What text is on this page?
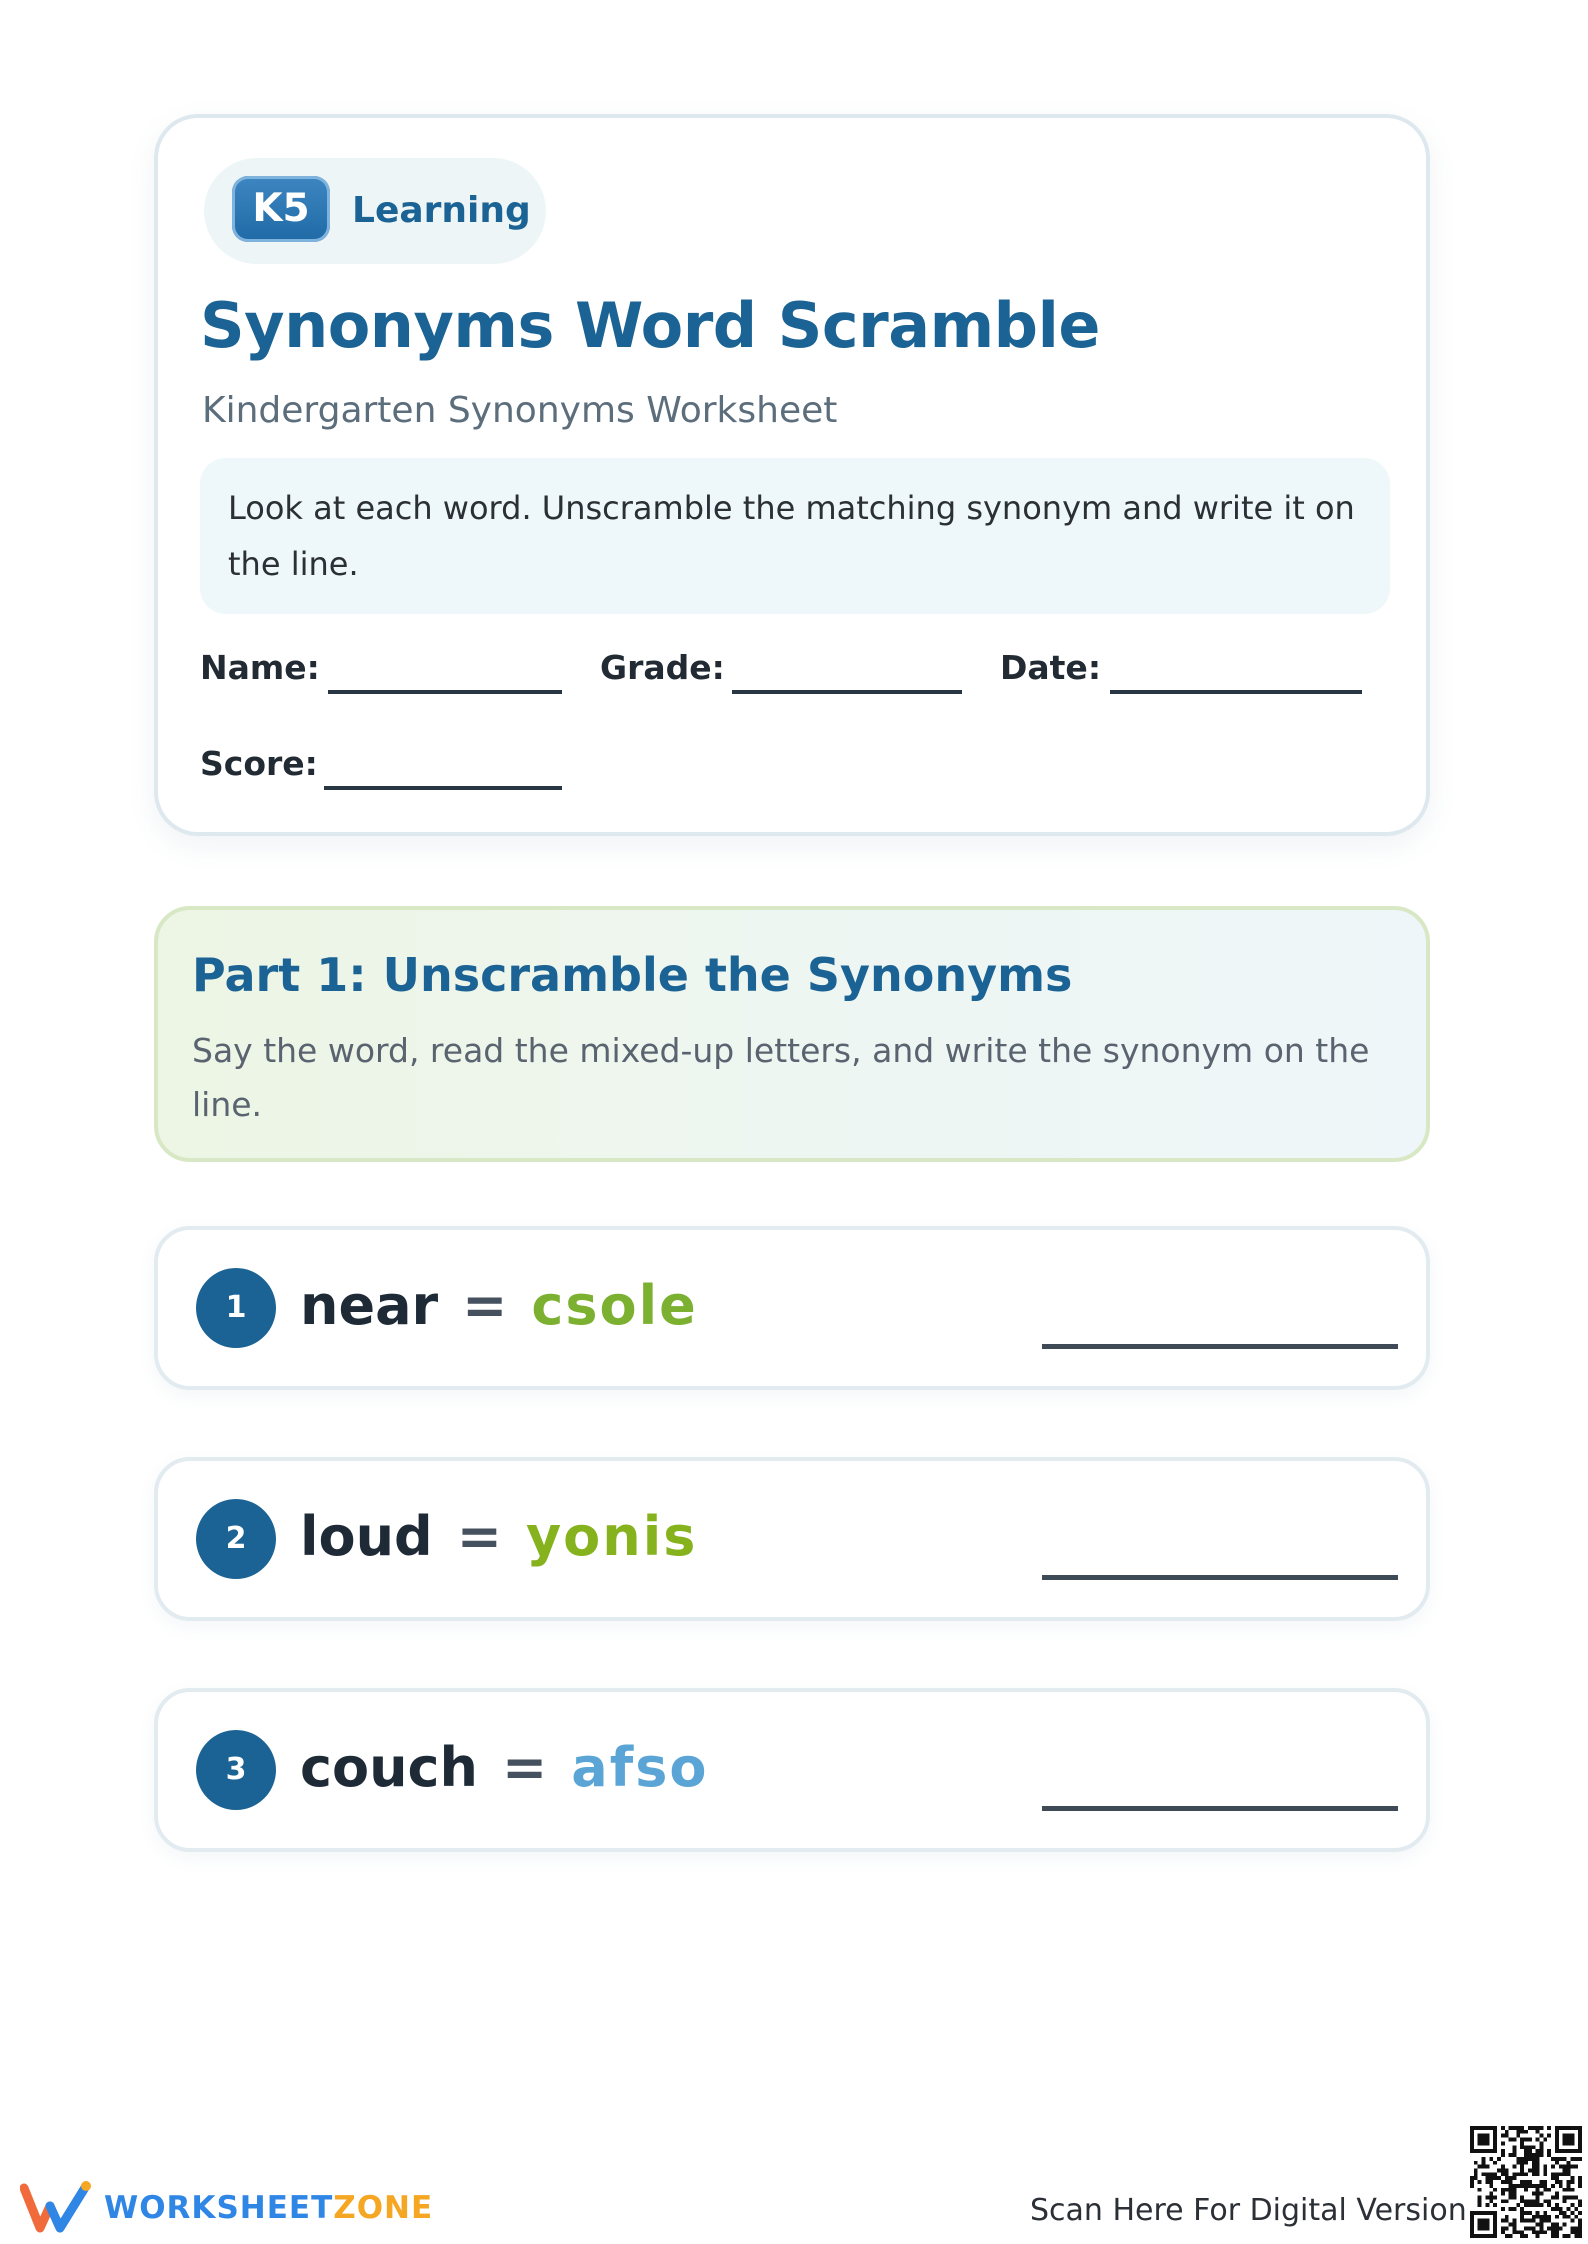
K5	Learning
Synonyms Word Scramble
Kindergarten Synonyms Worksheet
Look at each word. Unscramble the matching synonym and write it on the line.
Name:	Grade:	Date:
Score:
Part 1: Unscramble the Synonyms
Say the word, read the mixed-up letters, and write the synonym on the line.
1 near = csole
2 loud = yonis
3 couch = afso
WORKSHEETZONE	Scan Here For Digital Version
